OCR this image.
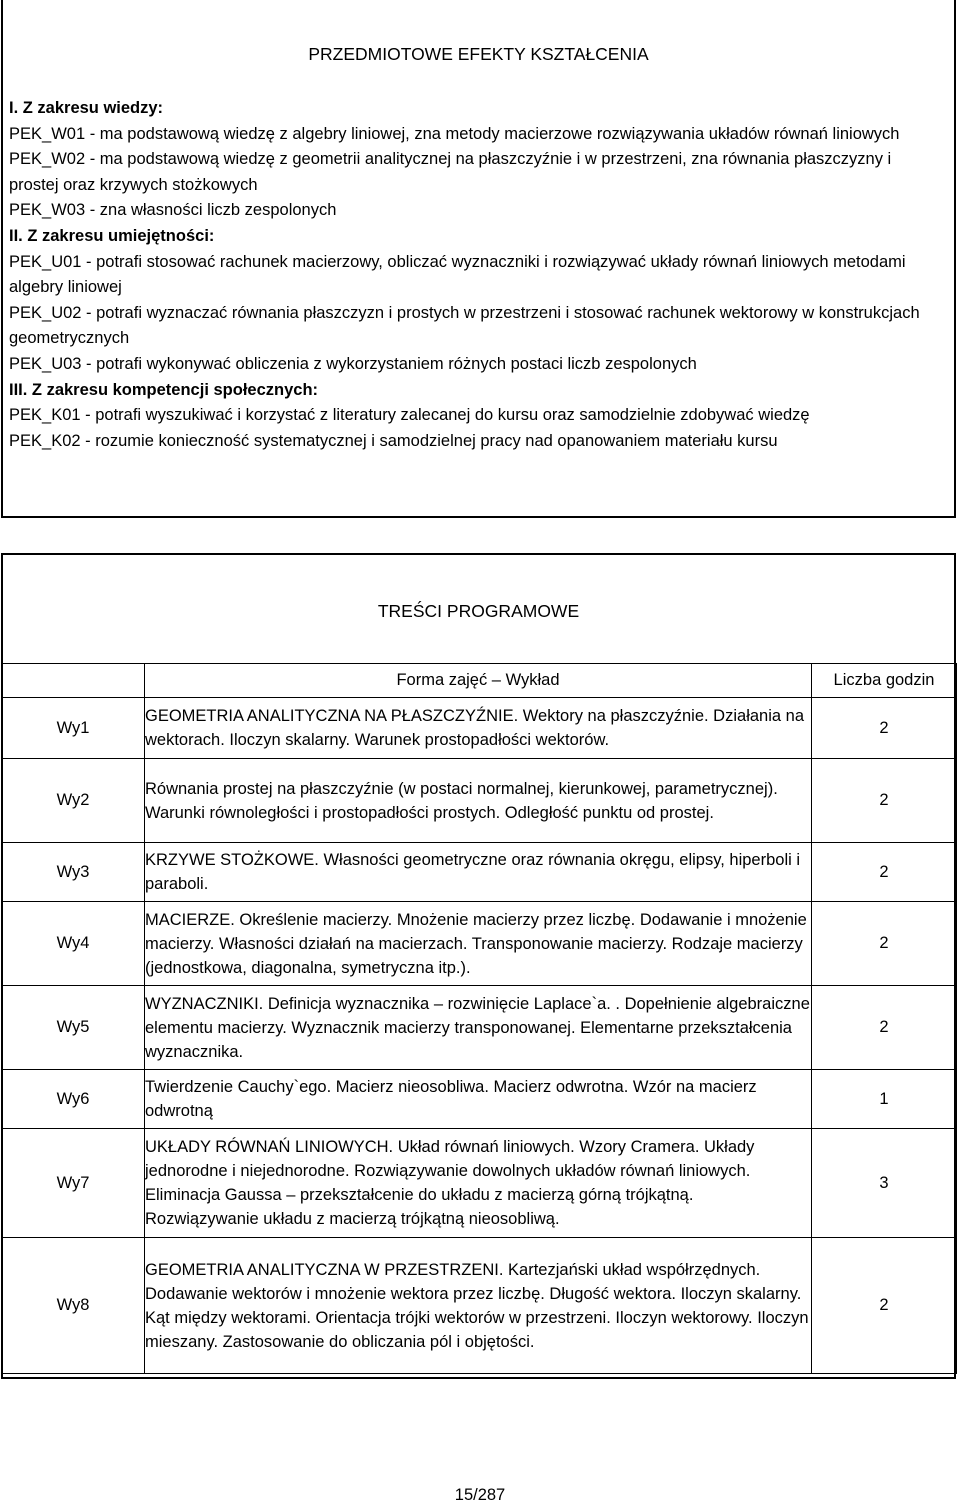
PRZEDMIOTOWE EFEKTY KSZTAŁCENIA
I. Z zakresu wiedzy:
PEK_W01 - ma podstawową wiedzę z algebry liniowej, zna metody macierzowe rozwiązywania układów równań liniowych
PEK_W02 - ma podstawową wiedzę z geometrii analitycznej na płaszczyźnie i w przestrzeni, zna równania płaszczyzny i prostej oraz krzywych stożkowych
PEK_W03 - zna własności liczb zespolonych
II. Z zakresu umiejętności:
PEK_U01 - potrafi stosować rachunek macierzowy, obliczać wyznaczniki i rozwiązywać układy równań liniowych metodami algebry liniowej
PEK_U02 - potrafi wyznaczać równania płaszczyzn i prostych w przestrzeni i stosować rachunek wektorowy w konstrukcjach geometrycznych
PEK_U03 - potrafi wykonywać obliczenia z wykorzystaniem różnych postaci liczb zespolonych
III. Z zakresu kompetencji społecznych:
PEK_K01 - potrafi wyszukiwać i korzystać z literatury zalecanej do kursu oraz samodzielnie zdobywać wiedzę
PEK_K02 - rozumie konieczność systematycznej i samodzielnej pracy nad opanowaniem materiału kursu
TREŚCI PROGRAMOWE
	Forma zajęć – Wykład	Liczba godzin
Wy1	GEOMETRIA ANALITYCZNA NA PŁASZCZYŹNIE. Wektory na płaszczyźnie. Działania na wektorach. Iloczyn skalarny. Warunek prostopadłości wektorów.	2
Wy2	Równania prostej na płaszczyźnie (w postaci normalnej, kierunkowej, parametrycznej). Warunki równoległości i prostopadłości prostych. Odległość punktu od prostej.	2
Wy3	KRZYWE STOŻKOWE. Własności geometryczne oraz równania okręgu, elipsy, hiperboli i paraboli.	2
Wy4	MACIERZE. Określenie macierzy. Mnożenie macierzy przez liczbę. Dodawanie i mnożenie macierzy. Własności działań na macierzach. Transponowanie macierzy. Rodzaje macierzy (jednostkowa, diagonalna, symetryczna itp.).	2
Wy5	WYZNACZNIKI. Definicja wyznacznika – rozwinięcie Laplace`a. . Dopełnienie algebraiczne elementu macierzy. Wyznacznik macierzy transponowanej. Elementarne przekształcenia wyznacznika.	2
Wy6	Twierdzenie Cauchy`ego. Macierz nieosobliwa. Macierz odwrotna. Wzór na macierz odwrotną	1
Wy7	UKŁADY RÓWNAŃ LINIOWYCH. Układ równań liniowych. Wzory Cramera. Układy jednorodne i niejednorodne. Rozwiązywanie dowolnych układów równań liniowych. Eliminacja Gaussa – przekształcenie do układu z macierzą górną trójkątną. Rozwiązywanie układu z macierzą trójkątną nieosobliwą.	3
Wy8	GEOMETRIA ANALITYCZNA W PRZESTRZENI. Kartezjański układ współrzędnych. Dodawanie wektorów i mnożenie wektora przez liczbę. Długość wektora. Iloczyn skalarny. Kąt między wektorami. Orientacja trójki wektorów w przestrzeni. Iloczyn wektorowy. Iloczyn mieszany. Zastosowanie do obliczania pól i objętości.	2
15/287
